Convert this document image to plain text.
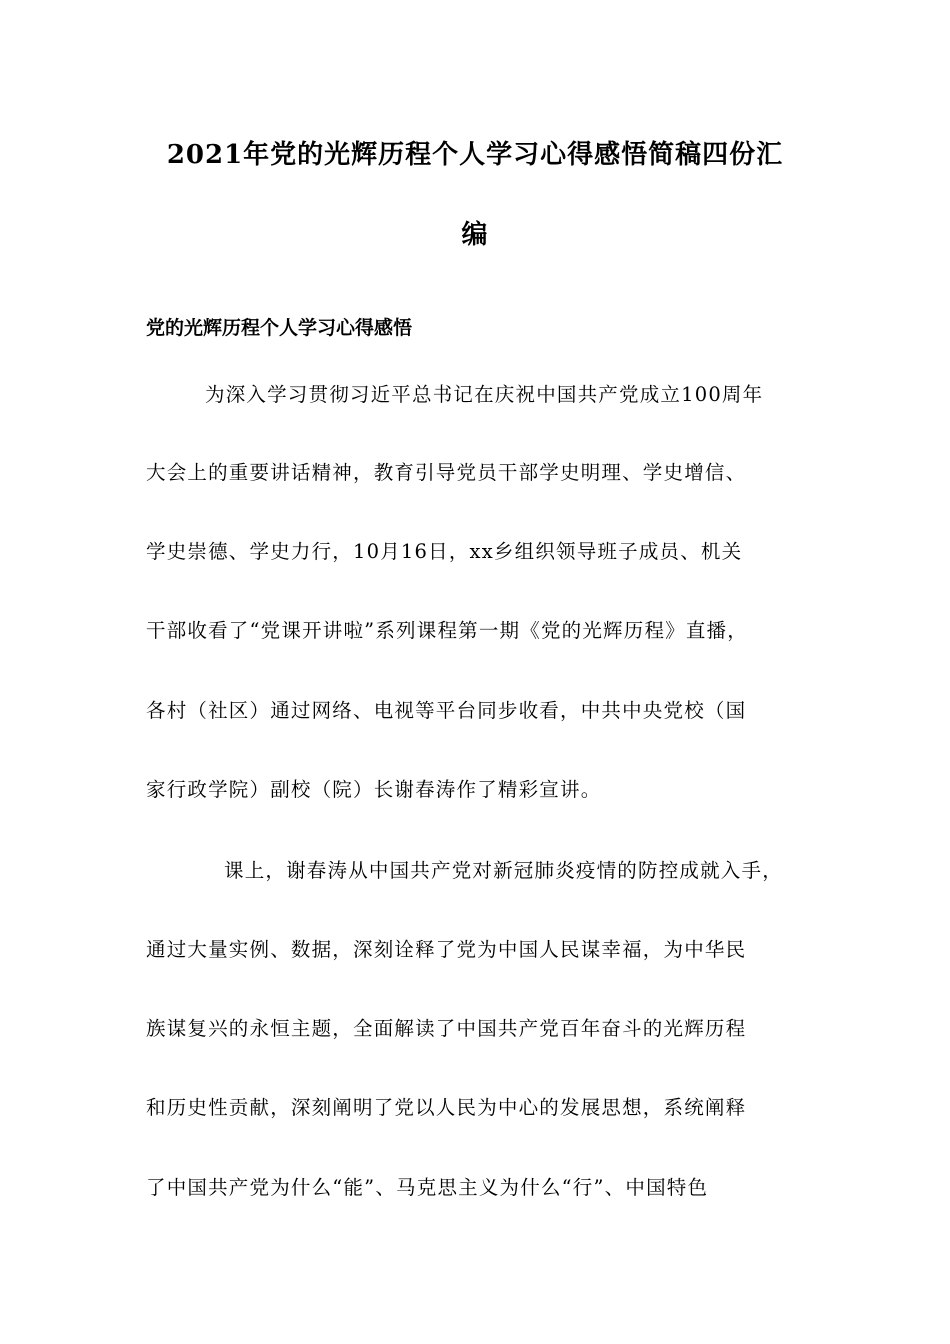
2021年党的光辉历程个人学习心得感悟简稿四份汇
编
党的光辉历程个人学习心得感悟
为深入学习贯彻习近平总书记在庆祝中国共产党成立100周年
大会上的重要讲话精神，教育引导党员干部学史明理、学史增信、
学史崇德、学史力行，10月16日，xx乡组织领导班子成员、机关
干部收看了“党课开讲啦”系列课程第一期《党的光辉历程》直播，
各村（社区）通过网络、电视等平台同步收看，中共中央党校（国
家行政学院）副校（院）长谢春涛作了精彩宣讲。
课上，谢春涛从中国共产党对新冠肺炎疫情的防控成就入手，
通过大量实例、数据，深刻诠释了党为中国人民谋幸福，为中华民
族谋复兴的永恒主题，全面解读了中国共产党百年奋斗的光辉历程
和历史性贡献，深刻阐明了党以人民为中心的发展思想，系统阐释
了中国共产党为什么“能”、马克思主义为什么“行”、中国特色
